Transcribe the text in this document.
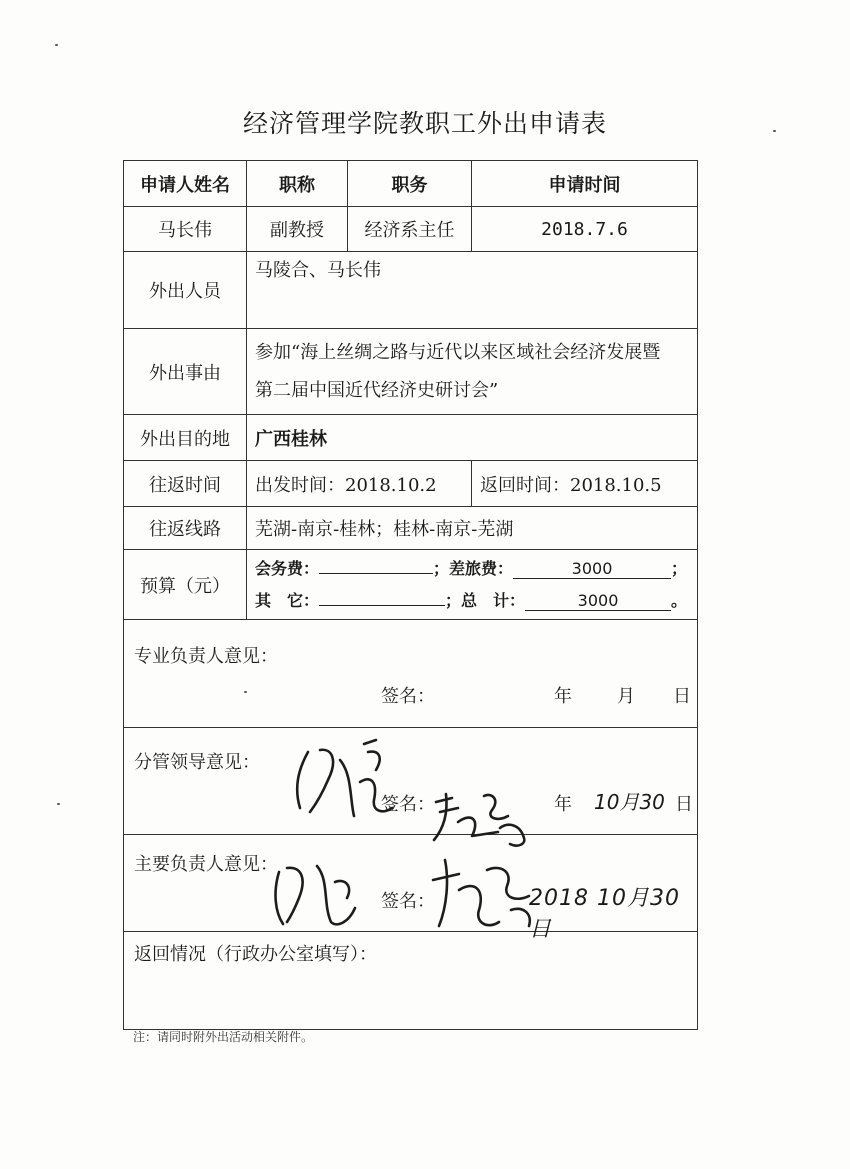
经济管理学院教职工外出申请表
申请人姓名	职称	职务	申请时间
马长伟	副教授	经济系主任	2018.7.6
外出人员	马陵合、马长伟		
外出事由	参加“海上丝绸之路与近代以来区域社会经济发展暨
第二届中国近代经济史研讨会”		

外出目的地	广西桂林		
往返时间	出发时间：2018.10.2		返回时间：2018.10.5
往返线路	芜湖-南京-桂林；桂林-南京-芜湖		
预算（元）	会务费： ；差旅费： 3000 ；
其　它： ；总　计： 3000 。		

专业负责人意见：
签名： 年 月 日			

分管领导意见：
签名： 年 10月30 日			

主要负责人意见：
签名： 2018 10月30日			

返回情况（行政办公室填写）：			
注：请同时附外出活动相关附件。
